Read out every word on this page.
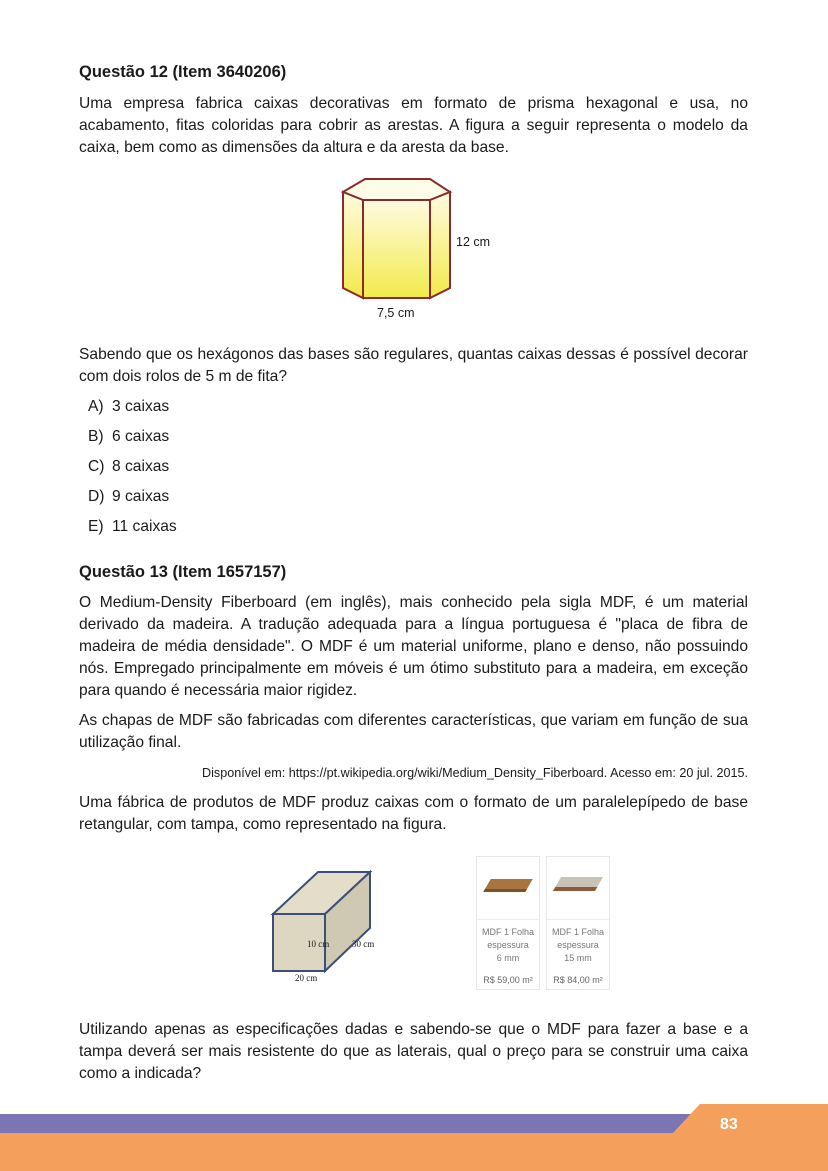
Questão 12 (Item 3640206)
Uma empresa fabrica caixas decorativas em formato de prisma hexagonal e usa, no acabamento, fitas coloridas para cobrir as arestas. A figura a seguir representa o modelo da caixa, bem como as dimensões da altura e da aresta da base.
12 cm
7,5 cm
Sabendo que os hexágonos das bases são regulares, quantas caixas dessas é possível decorar com dois rolos de 5 m de fita?
A) 3 caixas
B) 6 caixas
C) 8 caixas
D) 9 caixas
E) 11 caixas
Questão 13 (Item 1657157)
O Medium-Density Fiberboard (em inglês), mais conhecido pela sigla MDF, é um material derivado da madeira. A tradução adequada para a língua portuguesa é "placa de fibra de madeira de média densidade". O MDF é um material uniforme, plano e denso, não possuindo nós. Empregado principalmente em móveis é um ótimo substituto para a madeira, em exceção para quando é necessária maior rigidez.
As chapas de MDF são fabricadas com diferentes características, que variam em função de sua utilização final.
Disponível em: https://pt.wikipedia.org/wiki/Medium_Density_Fiberboard. Acesso em: 20 jul. 2015.
Uma fábrica de produtos de MDF produz caixas com o formato de um paralelepípedo de base retangular, com tampa, como representado na figura.
10 cm	30 cm
20 cm
MDF 1 Folha
espessura
6 mm
R$ 59,00 m²
MDF 1 Folha
espessura
15 mm
R$ 84,00 m²
Utilizando apenas as especificações dadas e sabendo-se que o MDF para fazer a base e a tampa deverá ser mais resistente do que as laterais, qual o preço para se construir uma caixa como a indicada?
83
